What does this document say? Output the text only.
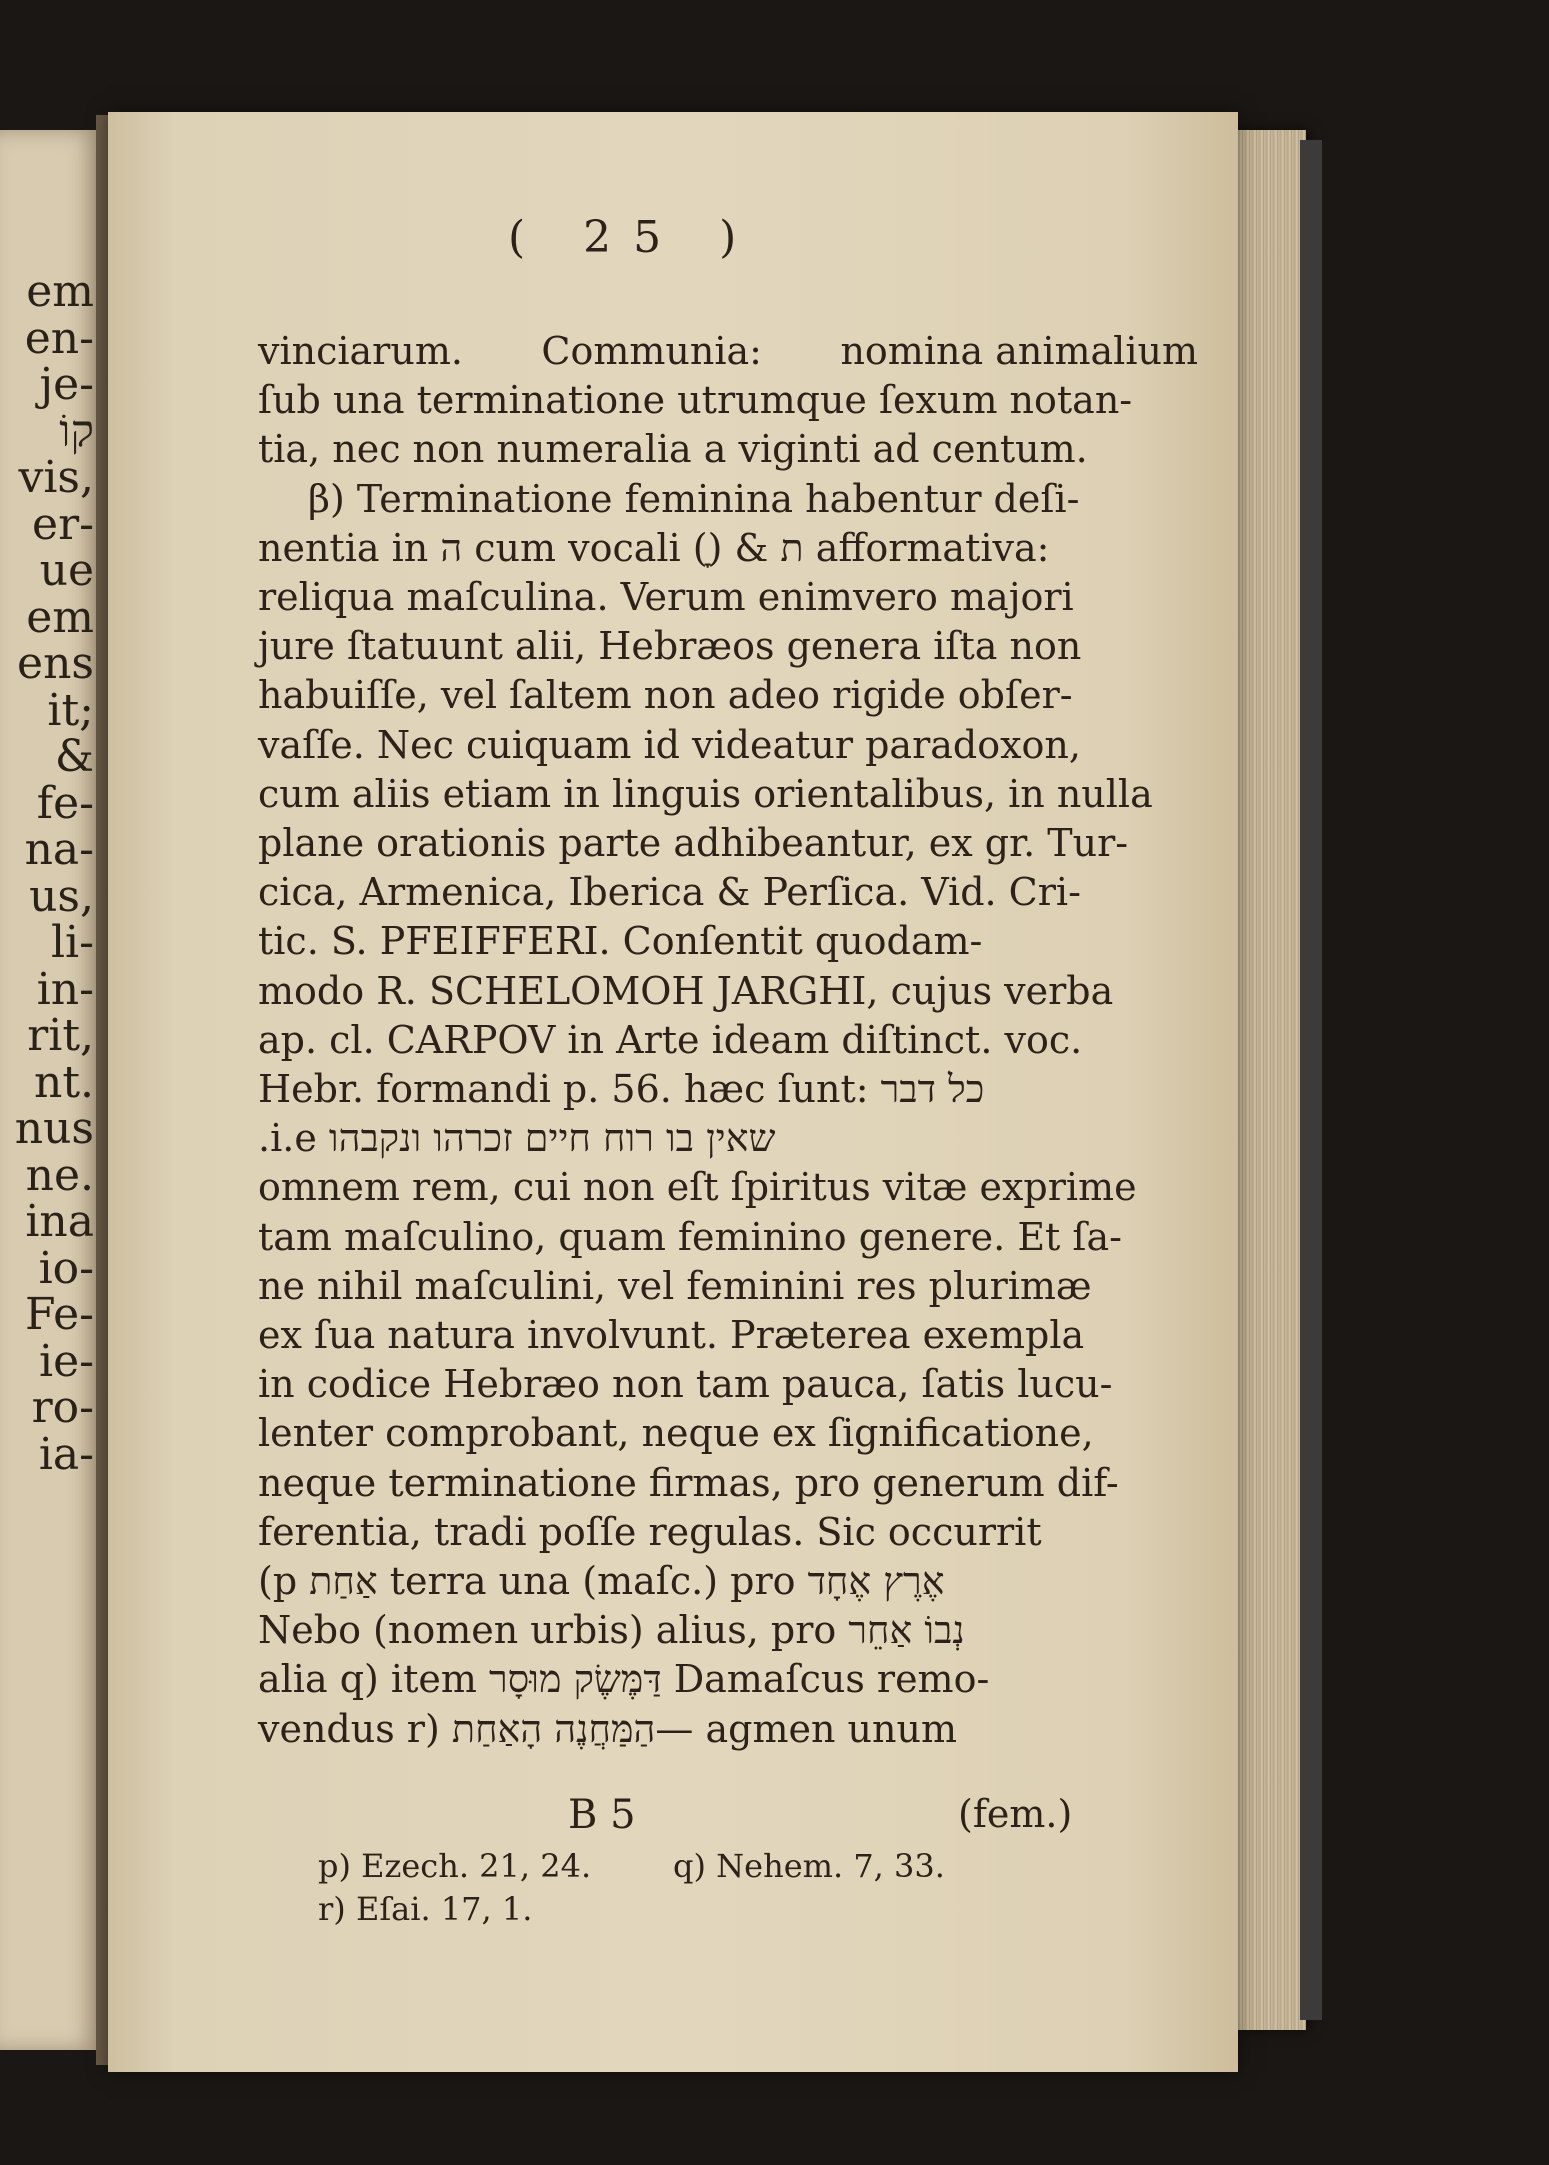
em
en-
je-
קוֹ
vis,
er-
ue
em
ens
it;
&
fe-
na-
us,
li-
in-
rit,
nt.
nus
ne.
ina
io-
Fe-
ie-
ro-
ia-
( 25 )
vinciarum. Communia: nomina animalium
ſub una terminatione utrumque ſexum notan-
tia, nec non numeralia a viginti ad centum.
β) Terminatione feminina habentur deſi-
nentia in ה cum vocali (ָ) & ת afformativa:
reliqua maſculina. Verum enimvero majori
jure ſtatuunt alii, Hebræos genera iſta non
habuiſſe, vel ſaltem non adeo rigide obſer-
vaſſe. Nec cuiquam id videatur paradoxon,
cum aliis etiam in linguis orientalibus, in nulla
plane orationis parte adhibeantur, ex gr. Tur-
cica, Armenica, Iberica & Perſica. Vid. Cri-
tic. S. PFEIFFERI. Conſentit quodam-
modo R. SCHELOMOH JARGHI, cujus verba
ap. cl. CARPOV in Arte ideam diſtinct. voc.
Hebr. formandi p. 56. hæc ſunt: כל דבר
שאין בו רוח חיים זכרהו ונקבהו i.e.
omnem rem, cui non eſt ſpiritus vitæ exprime
tam maſculino, quam feminino genere. Et ſa-
ne nihil maſculini, vel feminini res plurimæ
ex ſua natura involvunt. Præterea exempla
in codice Hebræo non tam pauca, ſatis lucu-
lenter comprobant, neque ex ſignificatione,
neque terminatione firmas, pro generum dif-
ferentia, tradi poſſe regulas. Sic occurrit
אֶרֶץ אֶחָד terra una (maſc.) pro אַחַת p)
נְבוֹ אַחֵר Nebo (nomen urbis) alius, pro
alia q) item דַּמֶּשֶׂק מוּסָר Damaſcus remo-
vendus r) הַמַּחֲנֶה הָאַחַת— agmen unum
B 5	(fem.)
p) Ezech. 21, 24.	q) Nehem. 7, 33.
r) Eſai. 17, 1.
